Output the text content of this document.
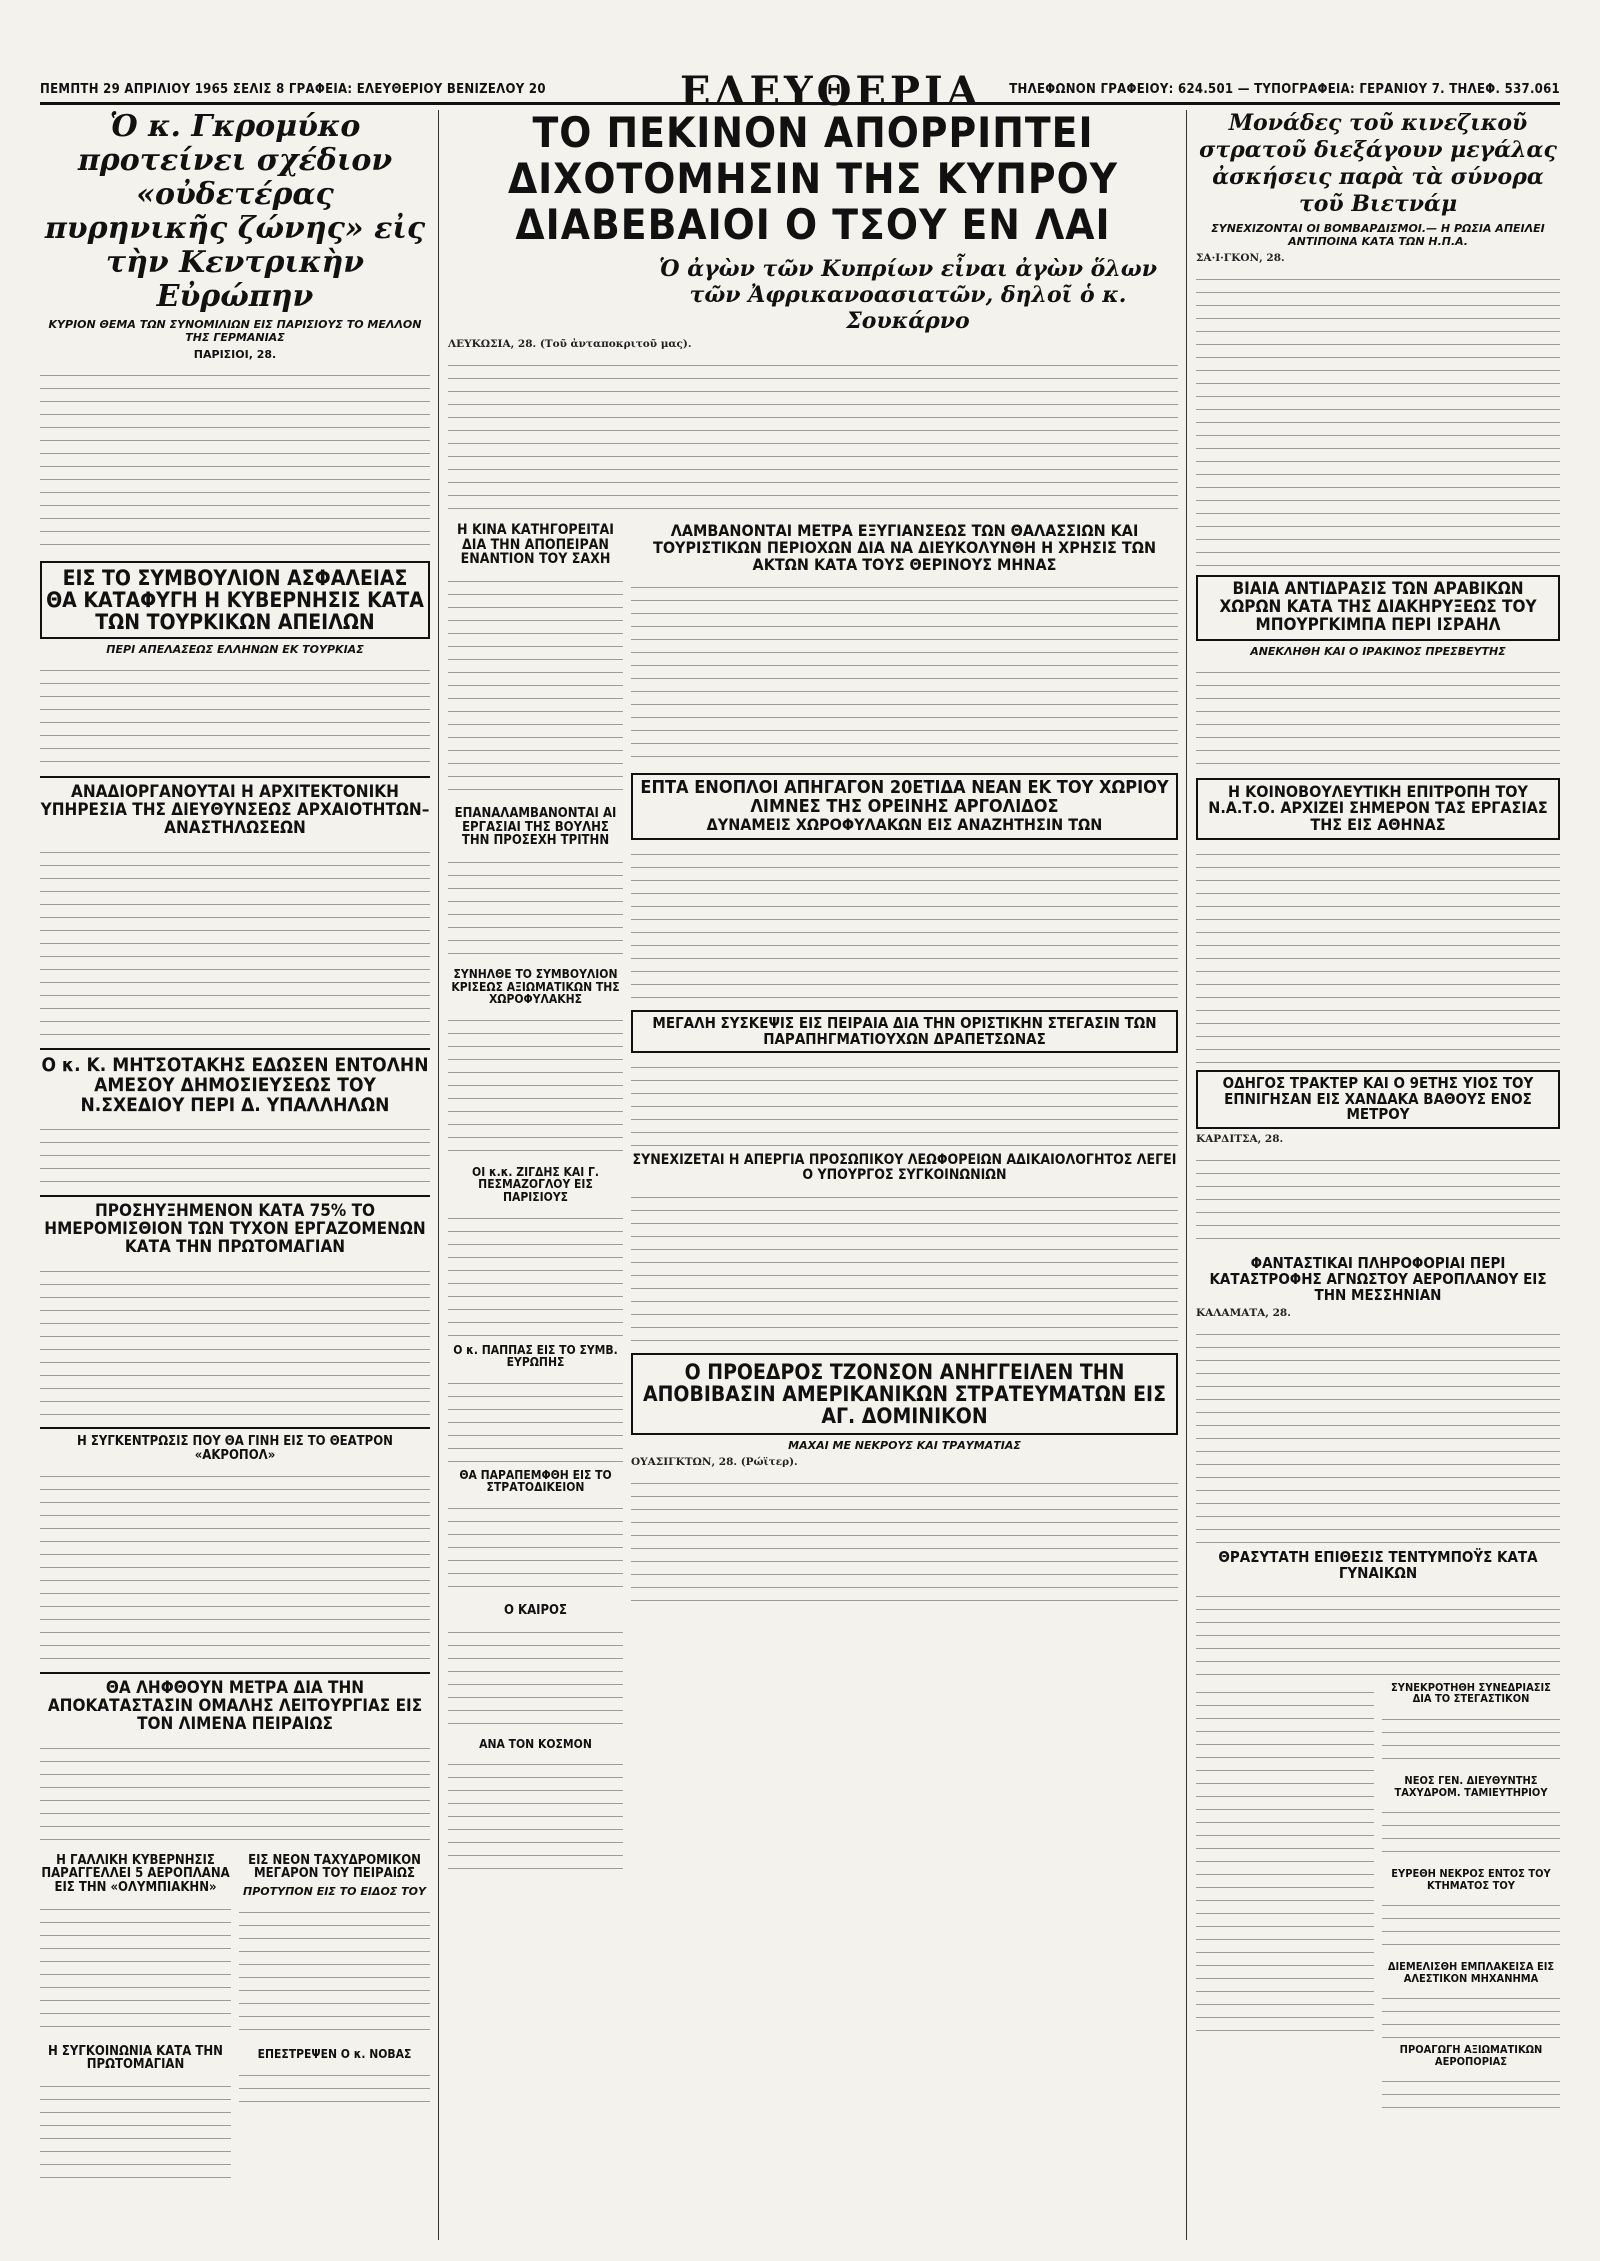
ΠΕΜΠΤΗ 29 ΑΠΡΙΛΙΟΥ 1965 ΣΕΛΙΣ 8 ΓΡΑΦΕΙΑ: ΕΛΕΥΘΕΡΙΟΥ ΒΕΝΙΖΕΛΟΥ 20	ΕΛΕΥΘΕΡΙΑ ΤΗΛΕΦΩΝΟΝ ΓΡΑΦΕΙΟΥ: 624.501 — ΤΥΠΟΓΡΑΦΕΙΑ: ΓΕΡΑΝΙΟΥ 7. ΤΗΛΕΦ. 537.061
Ὁ κ. Γκρομύκο προτείνει σχέδιον «οὐδετέρας πυρηνικῆς ζώνης» εἰς τὴν Κεντρικὴν Εὐρώπην
ΚΥΡΙΟΝ ΘΕΜΑ ΤΩΝ ΣΥΝΟΜΙΛΙΩΝ ΕΙΣ ΠΑΡΙΣΙΟΥΣ ΤΟ ΜΕΛΛΟΝ ΤΗΣ ΓΕΡΜΑΝΙΑΣ
ΠΑΡΙΣΙΟΙ, 28.
ΕΙΣ ΤΟ ΣΥΜΒΟΥΛΙΟΝ ΑΣΦΑΛΕΙΑΣ ΘΑ ΚΑΤΑΦΥΓΗ Η ΚΥΒΕΡΝΗΣΙΣ ΚΑΤΑ ΤΩΝ ΤΟΥΡΚΙΚΩΝ ΑΠΕΙΛΩΝ
ΠΕΡΙ ΑΠΕΛΑΣΕΩΣ ΕΛΛΗΝΩΝ ΕΚ ΤΟΥΡΚΙΑΣ
ΑΝΑΔΙΟΡΓΑΝΟΥΤΑΙ Η ΑΡΧΙΤΕΚΤΟΝΙΚΗ ΥΠΗΡΕΣΙΑ ΤΗΣ ΔΙΕΥΘΥΝΣΕΩΣ ΑΡΧΑΙΟΤΗΤΩΝ–ΑΝΑΣΤΗΛΩΣΕΩΝ
Ο κ. Κ. ΜΗΤΣΟΤΑΚΗΣ ΕΔΩΣΕΝ ΕΝΤΟΛΗΝ ΑΜΕΣΟΥ ΔΗΜΟΣΙΕΥΣΕΩΣ ΤΟΥ Ν.ΣΧΕΔΙΟΥ ΠΕΡΙ Δ. ΥΠΑΛΛΗΛΩΝ
ΠΡΟΣΗΥΞΗΜΕΝΟΝ ΚΑΤΑ 75% ΤΟ ΗΜΕΡΟΜΙΣΘΙΟΝ ΤΩΝ ΤΥΧΟΝ ΕΡΓΑΖΟΜΕΝΩΝ ΚΑΤΑ ΤΗΝ ΠΡΩΤΟΜΑΓΙΑΝ
Η ΣΥΓΚΕΝΤΡΩΣΙΣ ΠΟΥ ΘΑ ΓΙΝΗ ΕΙΣ ΤΟ ΘΕΑΤΡΟΝ «ΑΚΡΟΠΟΛ»
ΘΑ ΛΗΦΘΟΥΝ ΜΕΤΡΑ ΔΙΑ ΤΗΝ ΑΠΟΚΑΤΑΣΤΑΣΙΝ ΟΜΑΛΗΣ ΛΕΙΤΟΥΡΓΙΑΣ ΕΙΣ ΤΟΝ ΛΙΜΕΝΑ ΠΕΙΡΑΙΩΣ
Η ΓΑΛΛΙΚΗ ΚΥΒΕΡΝΗΣΙΣ ΠΑΡΑΓΓΕΛΛΕΙ 5 ΑΕΡΟΠΛΑΝΑ ΕΙΣ ΤΗΝ «ΟΛΥΜΠΙΑΚΗΝ»
Η ΣΥΓΚΟΙΝΩΝΙΑ ΚΑΤΑ ΤΗΝ ΠΡΩΤΟΜΑΓΙΑΝ
ΕΙΣ ΝΕΟΝ ΤΑΧΥΔΡΟΜΙΚΟΝ ΜΕΓΑΡΟΝ ΤΟΥ ΠΕΙΡΑΙΩΣ
ΠΡΟΤΥΠΟΝ ΕΙΣ ΤΟ ΕΙΔΟΣ ΤΟΥ
ΕΠΕΣΤΡΕΨΕΝ Ο κ. ΝΟΒΑΣ
ΤΟ ΠΕΚΙΝΟΝ ΑΠΟΡΡΙΠΤΕΙ ΔΙΧΟΤΟΜΗΣΙΝ ΤΗΣ ΚΥΠΡΟΥ ΔΙΑΒΕΒΑΙΟΙ Ο ΤΣΟΥ ΕΝ ΛΑΙ
Ὁ ἀγὼν τῶν Κυπρίων εἶναι ἀγὼν ὅλων τῶν Ἀφρικανοασιατῶν, δηλοῖ ὁ κ. Σουκάρνο
ΛΕΥΚΩΣΙΑ, 28. (Τοῦ ἀνταποκριτοῦ μας).
Η ΚΙΝΑ ΚΑΤΗΓΟΡΕΙΤΑΙ ΔΙΑ ΤΗΝ ΑΠΟΠΕΙΡΑΝ ΕΝΑΝΤΙΟΝ ΤΟΥ ΣΑΧΗ
ΕΠΑΝΑΛΑΜΒΑΝΟΝΤΑΙ ΑΙ ΕΡΓΑΣΙΑΙ ΤΗΣ ΒΟΥΛΗΣ ΤΗΝ ΠΡΟΣΕΧΗ ΤΡΙΤΗΝ
ΣΥΝΗΛΘΕ ΤΟ ΣΥΜΒΟΥΛΙΟΝ ΚΡΙΣΕΩΣ ΑΞΙΩΜΑΤΙΚΩΝ ΤΗΣ ΧΩΡΟΦΥΛΑΚΗΣ
ΟΙ κ.κ. ΖΙΓΔΗΣ ΚΑΙ Γ. ΠΕΣΜΑΖΟΓΛΟΥ ΕΙΣ ΠΑΡΙΣΙΟΥΣ
Ο κ. ΠΑΠΠΑΣ ΕΙΣ ΤΟ ΣΥΜΒ. ΕΥΡΩΠΗΣ
ΘΑ ΠΑΡΑΠΕΜΦΘΗ ΕΙΣ ΤΟ ΣΤΡΑΤΟΔΙΚΕΙΟΝ
Ο ΚΑΙΡΟΣ
ΑΝΑ ΤΟΝ ΚΟΣΜΟΝ
ΛΑΜΒΑΝΟΝΤΑΙ ΜΕΤΡΑ ΕΞΥΓΙΑΝΣΕΩΣ ΤΩΝ ΘΑΛΑΣΣΙΩΝ ΚΑΙ ΤΟΥΡΙΣΤΙΚΩΝ ΠΕΡΙΟΧΩΝ ΔΙΑ ΝΑ ΔΙΕΥΚΟΛΥΝΘΗ Η ΧΡΗΣΙΣ ΤΩΝ ΑΚΤΩΝ ΚΑΤΑ ΤΟΥΣ ΘΕΡΙΝΟΥΣ ΜΗΝΑΣ
ΕΠΤΑ ΕΝΟΠΛΟΙ ΑΠΗΓΑΓΟΝ 20ΕΤΙΔΑ ΝΕΑΝ ΕΚ ΤΟΥ ΧΩΡΙΟΥ ΛΙΜΝΕΣ ΤΗΣ ΟΡΕΙΝΗΣ ΑΡΓΟΛΙΔΟΣ
ΔΥΝΑΜΕΙΣ ΧΩΡΟΦΥΛΑΚΩΝ ΕΙΣ ΑΝΑΖΗΤΗΣΙΝ ΤΩΝ
ΜΕΓΑΛΗ ΣΥΣΚΕΨΙΣ ΕΙΣ ΠΕΙΡΑΙΑ ΔΙΑ ΤΗΝ ΟΡΙΣΤΙΚΗΝ ΣΤΕΓΑΣΙΝ ΤΩΝ ΠΑΡΑΠΗΓΜΑΤΙΟΥΧΩΝ ΔΡΑΠΕΤΣΩΝΑΣ
ΣΥΝΕΧΙΖΕΤΑΙ Η ΑΠΕΡΓΙΑ ΠΡΟΣΩΠΙΚΟΥ ΛΕΩΦΟΡΕΙΩΝ ΑΔΙΚΑΙΟΛΟΓΗΤΟΣ ΛΕΓΕΙ Ο ΥΠΟΥΡΓΟΣ ΣΥΓΚΟΙΝΩΝΙΩΝ
Ο ΠΡΟΕΔΡΟΣ ΤΖΟΝΣΟΝ ΑΝΗΓΓΕΙΛΕΝ ΤΗΝ ΑΠΟΒΙΒΑΣΙΝ ΑΜΕΡΙΚΑΝΙΚΩΝ ΣΤΡΑΤΕΥΜΑΤΩΝ ΕΙΣ ΑΓ. ΔΟΜΙΝΙΚΟΝ
ΜΑΧΑΙ ΜΕ ΝΕΚΡΟΥΣ ΚΑΙ ΤΡΑΥΜΑΤΙΑΣ
ΟΥΑΣΙΓΚΤΩΝ, 28. (Ρώϊτερ).
Μονάδες τοῦ κινεζικοῦ στρατοῦ διεξάγουν μεγάλας ἀσκήσεις παρὰ τὰ σύνορα τοῦ Βιετνάμ
ΣΥΝΕΧΙΖΟΝΤΑΙ ΟΙ ΒΟΜΒΑΡΔΙΣΜΟΙ.— Η ΡΩΣΙΑ ΑΠΕΙΛΕΙ ΑΝΤΙΠΟΙΝΑ ΚΑΤΑ ΤΩΝ Η.Π.Α.
ΣΑ·Ι·ΓΚΟΝ, 28.
ΒΙΑΙΑ ΑΝΤΙΔΡΑΣΙΣ ΤΩΝ ΑΡΑΒΙΚΩΝ ΧΩΡΩΝ ΚΑΤΑ ΤΗΣ ΔΙΑΚΗΡΥΞΕΩΣ ΤΟΥ ΜΠΟΥΡΓΚΙΜΠΑ ΠΕΡΙ ΙΣΡΑΗΛ
ΑΝΕΚΛΗΘΗ ΚΑΙ Ο ΙΡΑΚΙΝΟΣ ΠΡΕΣΒΕΥΤΗΣ
Η ΚΟΙΝΟΒΟΥΛΕΥΤΙΚΗ ΕΠΙΤΡΟΠΗ ΤΟΥ Ν.Α.Τ.Ο. ΑΡΧΙΖΕΙ ΣΗΜΕΡΟΝ ΤΑΣ ΕΡΓΑΣΙΑΣ ΤΗΣ ΕΙΣ ΑΘΗΝΑΣ
ΟΔΗΓΟΣ ΤΡΑΚΤΕΡ ΚΑΙ Ο 9ΕΤΗΣ ΥΙΟΣ ΤΟΥ ΕΠΝΙΓΗΣΑΝ ΕΙΣ ΧΑΝΔΑΚΑ ΒΑΘΟΥΣ ΕΝΟΣ ΜΕΤΡΟΥ
ΚΑΡΔΙΤΣΑ, 28.
ΦΑΝΤΑΣΤΙΚΑΙ ΠΛΗΡΟΦΟΡΙΑΙ ΠΕΡΙ ΚΑΤΑΣΤΡΟΦΗΣ ΑΓΝΩΣΤΟΥ ΑΕΡΟΠΛΑΝΟΥ ΕΙΣ ΤΗΝ ΜΕΣΣΗΝΙΑΝ
ΚΑΛΑΜΑΤΑ, 28.
ΘΡΑΣΥΤΑΤΗ ΕΠΙΘΕΣΙΣ ΤΕΝΤΥΜΠΟΫΣ ΚΑΤΑ ΓΥΝΑΙΚΩΝ
ΣΥΝΕΚΡΟΤΗΘΗ ΣΥΝΕΔΡΙΑΣΙΣ ΔΙΑ ΤΟ ΣΤΕΓΑΣΤΙΚΟΝ
ΝΕΟΣ ΓΕΝ. ΔΙΕΥΘΥΝΤΗΣ ΤΑΧΥΔΡΟΜ. ΤΑΜΙΕΥΤΗΡΙΟΥ
ΕΥΡΕΘΗ ΝΕΚΡΟΣ ΕΝΤΟΣ ΤΟΥ ΚΤΗΜΑΤΟΣ ΤΟΥ
ΔΙΕΜΕΛΙΣΘΗ ΕΜΠΛΑΚΕΙΣΑ ΕΙΣ ΑΛΕΣΤΙΚΟΝ ΜΗΧΑΝΗΜΑ
ΠΡΟΑΓΩΓΗ ΑΞΙΩΜΑΤΙΚΩΝ ΑΕΡΟΠΟΡΙΑΣ
